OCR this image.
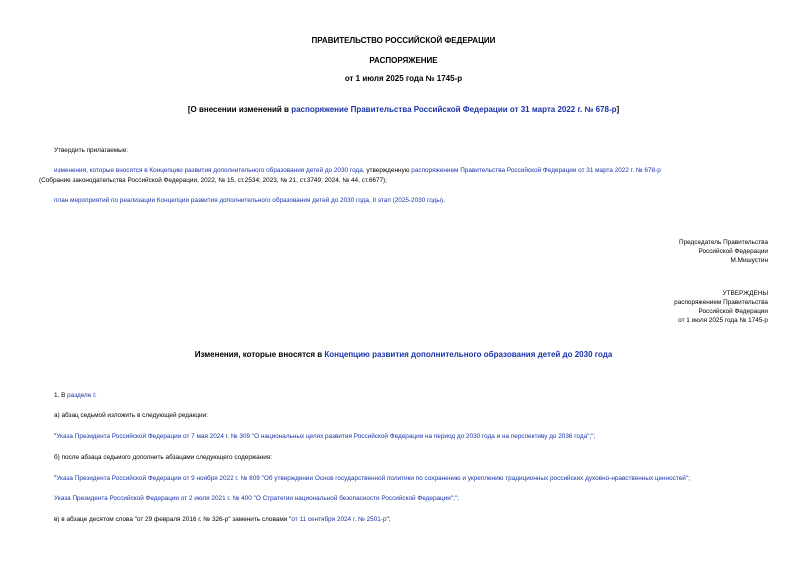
ПРАВИТЕЛЬСТВО РОССИЙСКОЙ ФЕДЕРАЦИИ
РАСПОРЯЖЕНИЕ
от 1 июля 2025 года № 1745-р
[О внесении изменений в распоряжение Правительства Российской Федерации от 31 марта 2022 г. № 678-р]
Утвердить прилагаемые:
изменения, которые вносятся в Концепцию развития дополнительного образования детей до 2030 года, утвержденную распоряжением Правительства Российской Федерации от 31 марта 2022 г. № 678-р
(Собрание законодательства Российской Федерации, 2022, № 15, ст.2534; 2023, № 21, ст.3749; 2024, № 44, ст.6677);
план мероприятий по реализации Концепции развития дополнительного образования детей до 2030 года, II этап (2025-2030 годы).
Председатель Правительства
Российской Федерации
М.Мишустин
УТВЕРЖДЕНЫ
распоряжением Правительства
Российской Федерации
от 1 июля 2025 года № 1745-р
Изменения, которые вносятся в Концепцию развития дополнительного образования детей до 2030 года
1. В разделе I:
а) абзац седьмой изложить в следующей редакции:
"Указа Президента Российской Федерации от 7 мая 2024 г. № 309 "О национальных целях развития Российской Федерации на период до 2030 года и на перспективу до 2036 года";";
б) после абзаца седьмого дополнить абзацами следующего содержания:
"Указа Президента Российской Федерации от 9 ноября 2022 г. № 809 "Об утверждении Основ государственной политики по сохранению и укреплению традиционных российских духовно-нравственных ценностей";
Указа Президента Российской Федерации от 2 июля 2021 г. № 400 "О Стратегии национальной безопасности Российской Федерации";";
в) в абзаце десятом слова "от 29 февраля 2016 г. № 326-р" заменить словами "от 11 сентября 2024 г. № 2501-р";
